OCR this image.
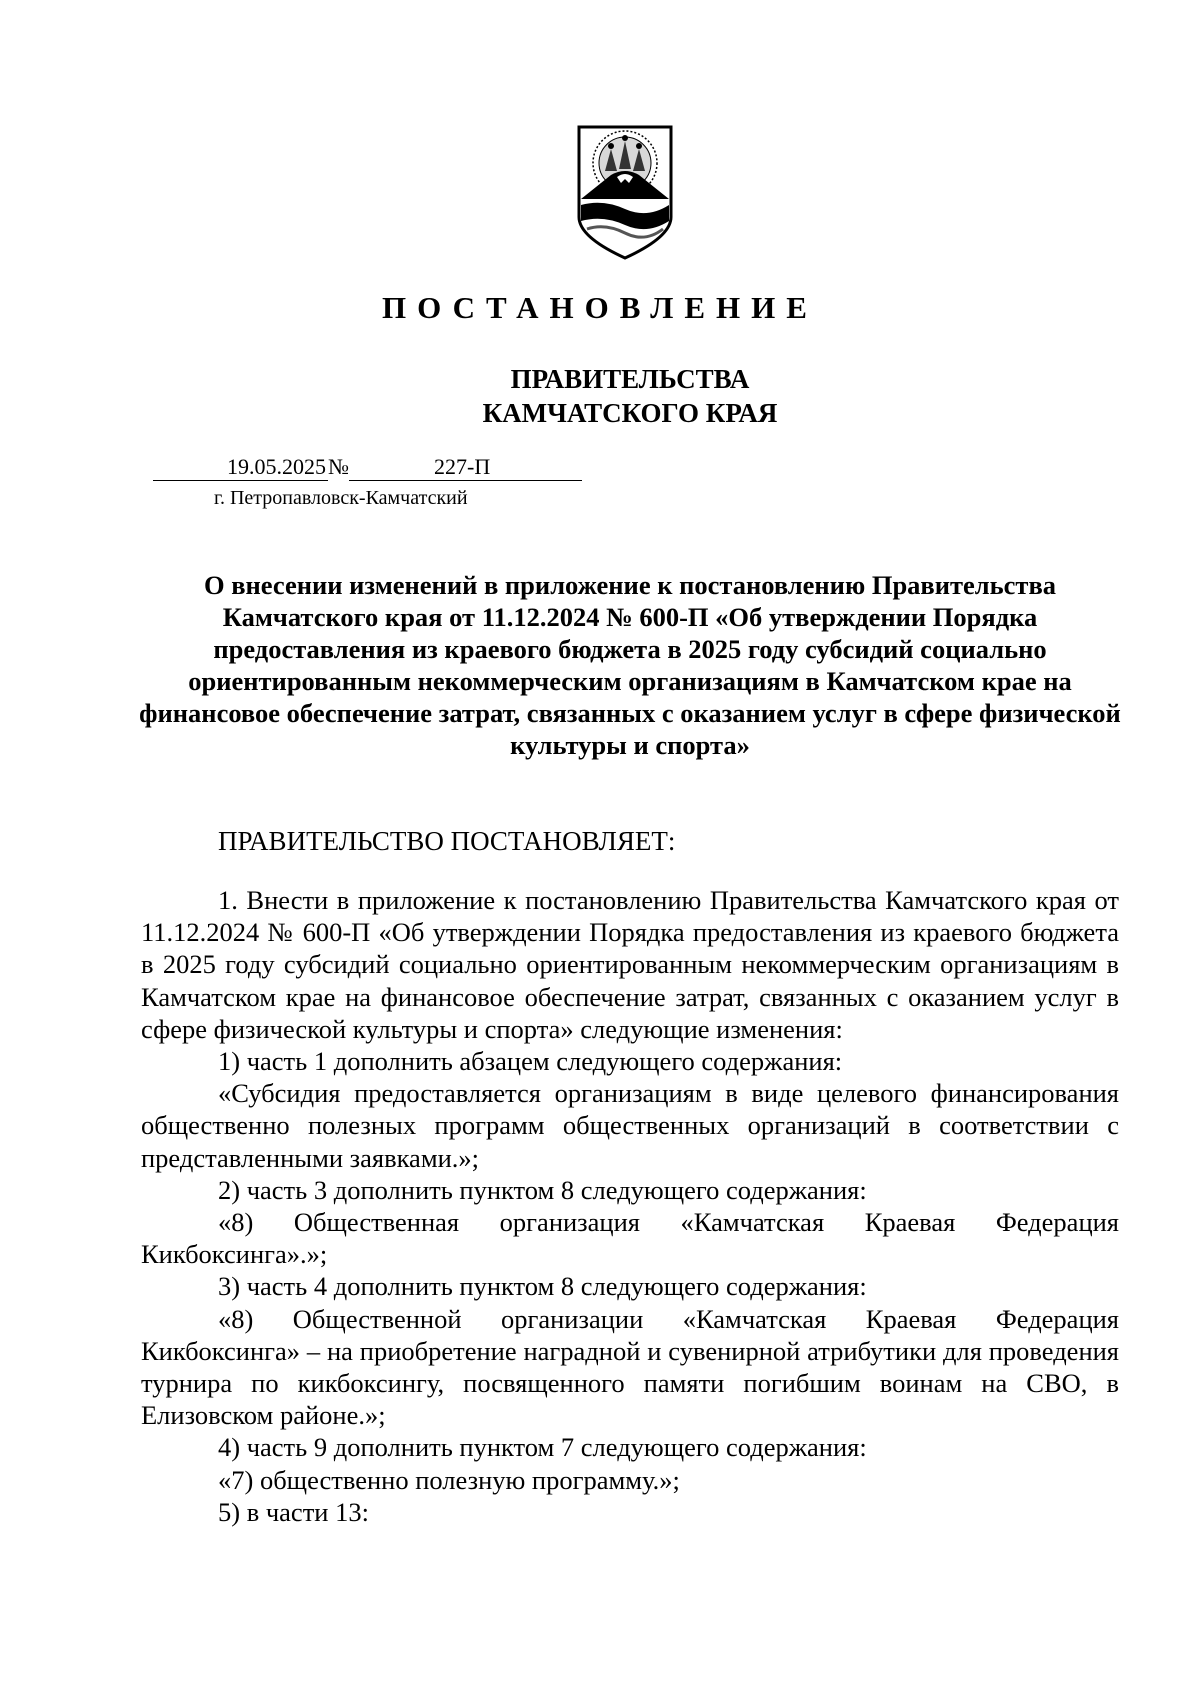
ПОСТАНОВЛЕНИЕ
ПРАВИТЕЛЬСТВА
КАМЧАТСКОГО КРАЯ
19.05.2025№	227-П
г. Петропавловск-Камчатский
О внесении изменений в приложение к постановлению Правительства Камчатского края от 11.12.2024 № 600-П «Об утверждении Порядка предоставления из краевого бюджета в 2025 году субсидий социально ориентированным некоммерческим организациям в Камчатском крае на финансовое обеспечение затрат, связанных с оказанием услуг в сфере физической культуры и спорта»
ПРАВИТЕЛЬСТВО ПОСТАНОВЛЯЕТ:

1. Внести в приложение к постановлению Правительства Камчатского края от 11.12.2024 № 600-П «Об утверждении Порядка предоставления из краевого бюджета в 2025 году субсидий социально ориентированным некоммерческим организациям в Камчатском крае на финансовое обеспечение затрат, связанных с оказанием услуг в сфере физической культуры и спорта» следующие изменения:

1) часть 1 дополнить абзацем следующего содержания:

«Субсидия предоставляется организациям в виде целевого финансирования общественно полезных программ общественных организаций в соответствии с представленными заявками.»;

2) часть 3 дополнить пунктом 8 следующего содержания:

«8) Общественная организация «Камчатская Краевая Федерация Кикбоксинга».»;

3) часть 4 дополнить пунктом 8 следующего содержания:

«8) Общественной организации «Камчатская Краевая Федерация Кикбоксинга» – на приобретение наградной и сувенирной атрибутики для проведения турнира по кикбоксингу, посвященного памяти погибшим воинам на СВО, в Елизовском районе.»;

4) часть 9 дополнить пунктом 7 следующего содержания:

«7) общественно полезную программу.»;

5) в части 13:
